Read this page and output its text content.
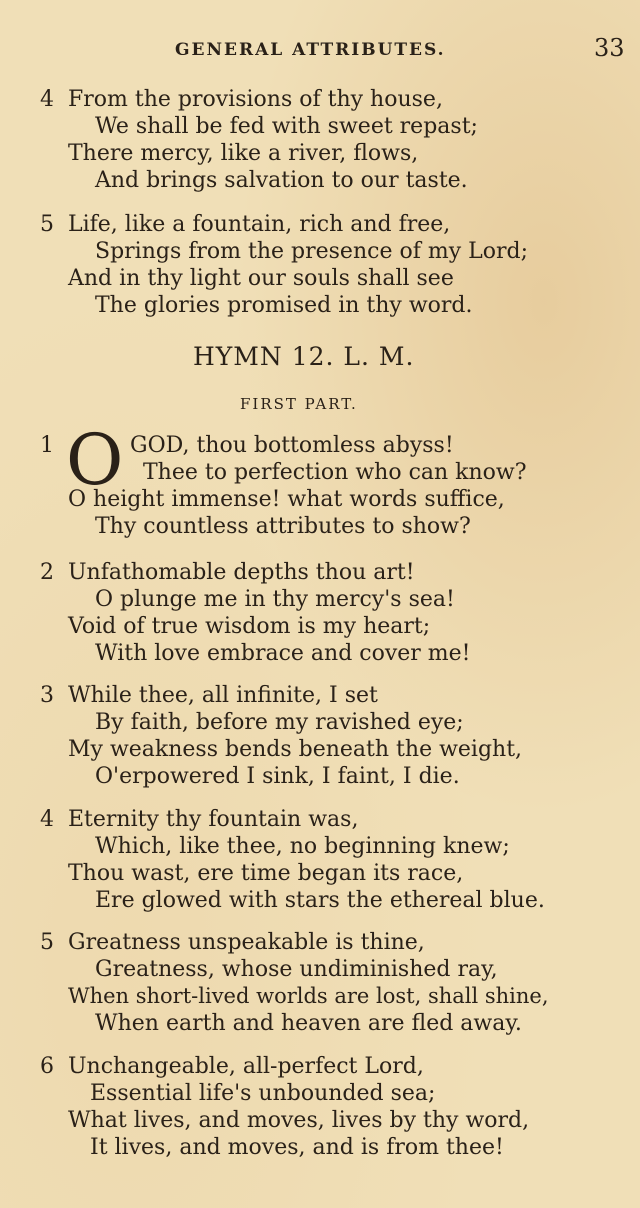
GENERAL ATTRIBUTES.	33
4 From the provisions of thy house,
We shall be fed with sweet repast;
There mercy, like a river, flows,
And brings salvation to our taste.
5 Life, like a fountain, rich and free,
Springs from the presence of my Lord;
And in thy light our souls shall see
The glories promised in thy word.
HYMN 12. L. M.
FIRST PART.
1	GOD, thou bottomless abyss!
Thee to perfection who can know?
O height immense! what words suffice,
Thy countless attributes to show?
O
2 Unfathomable depths thou art!
O plunge me in thy mercy's sea!
Void of true wisdom is my heart;
With love embrace and cover me!
3 While thee, all infinite, I set
By faith, before my ravished eye;
My weakness bends beneath the weight,
O'erpowered I sink, I faint, I die.
4 Eternity thy fountain was,
Which, like thee, no beginning knew;
Thou wast, ere time began its race,
Ere glowed with stars the ethereal blue.
5 Greatness unspeakable is thine,
Greatness, whose undiminished ray,
When short-lived worlds are lost, shall shine,
When earth and heaven are fled away.
6 Unchangeable, all-perfect Lord,
Essential life's unbounded sea;
What lives, and moves, lives by thy word,
It lives, and moves, and is from thee!
